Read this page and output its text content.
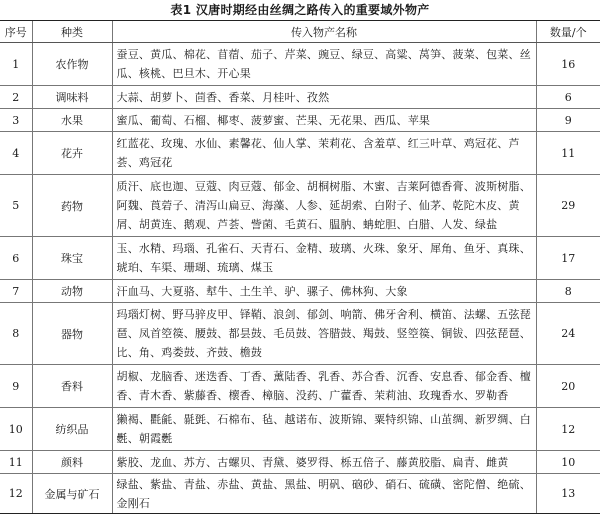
表1 汉唐时期经由丝绸之路传入的重要域外物产
序号	种类	传入物产名称	数量/个
1	农作物	蚕豆、黄瓜、棉花、苜蓿、茄子、芹菜、豌豆、绿豆、高粱、莴笋、菠菜、包菜、丝瓜、核桃、巴旦木、开心果	16
2	调味料	大蒜、胡萝卜、茴香、香菜、月桂叶、孜然	6
3	水果	蜜瓜、葡萄、石榴、椰枣、菠萝蜜、芒果、无花果、西瓜、苹果	9
4	花卉	红蓝花、玫瑰、水仙、素馨花、仙人掌、茉莉花、含羞草、红三叶草、鸡冠花、芦荟、鸡冠花	11
5	药物	质汗、底也迦、豆蔻、肉豆蔻、郁金、胡桐树脂、木蜜、吉莱阿德香膏、波斯树脂、阿魏、莨菪子、清泻山扁豆、海藻、人参、延胡索、白附子、仙茅、乾陀木皮、黄屑、胡黄连、鹅观、芦荟、訾菌、毛黄石、腽肭、蚺蛇胆、白腊、人发、绿盐	29
6	珠宝	玉、水精、玛瑙、孔雀石、天青石、金精、玻璃、火珠、象牙、犀角、鱼牙、真珠、琥珀、车渠、珊瑚、琉璃、煤玉	17
7	动物	汗血马、大夏骆、犎牛、土生羊、驴、骡子、佛林狗、大象	8
8	器物	玛瑙灯树、野马骍皮甲、铎鞘、浪剑、郁剑、响箭、佛牙舍利、横笛、法螺、五弦琵琶、凤首箜篌、腰鼓、都昙鼓、毛员鼓、答腊鼓、羯鼓、竖箜篌、铜钹、四弦琵琶、比、角、鸡娄鼓、齐鼓、檐鼓	24
9	香料	胡椒、龙脑香、迷迭香、丁香、薰陆香、乳香、苏合香、沉香、安息香、郁金香、檀香、青木香、紫藤香、櫰香、樟脑、没药、广藿香、茉莉油、玫瑰香水、罗勒香	20
10	纺织品	獭褐、氍毹、毾㲪、石棉布、毡、越诺布、波斯锦、粟特织锦、山茧绸、新罗绸、白氎、朝霞氎	12
11	颜料	紫胶、龙血、苏方、古螺贝、青黛、婆罗得、栎五倍子、藤黄胶脂、扁青、雌黄	10
12	金属与矿石	绿盐、紫盐、青盐、赤盐、黄盐、黑盐、明矾、硇砂、硝石、硫磺、密陀僧、绝硫、金刚石	13
